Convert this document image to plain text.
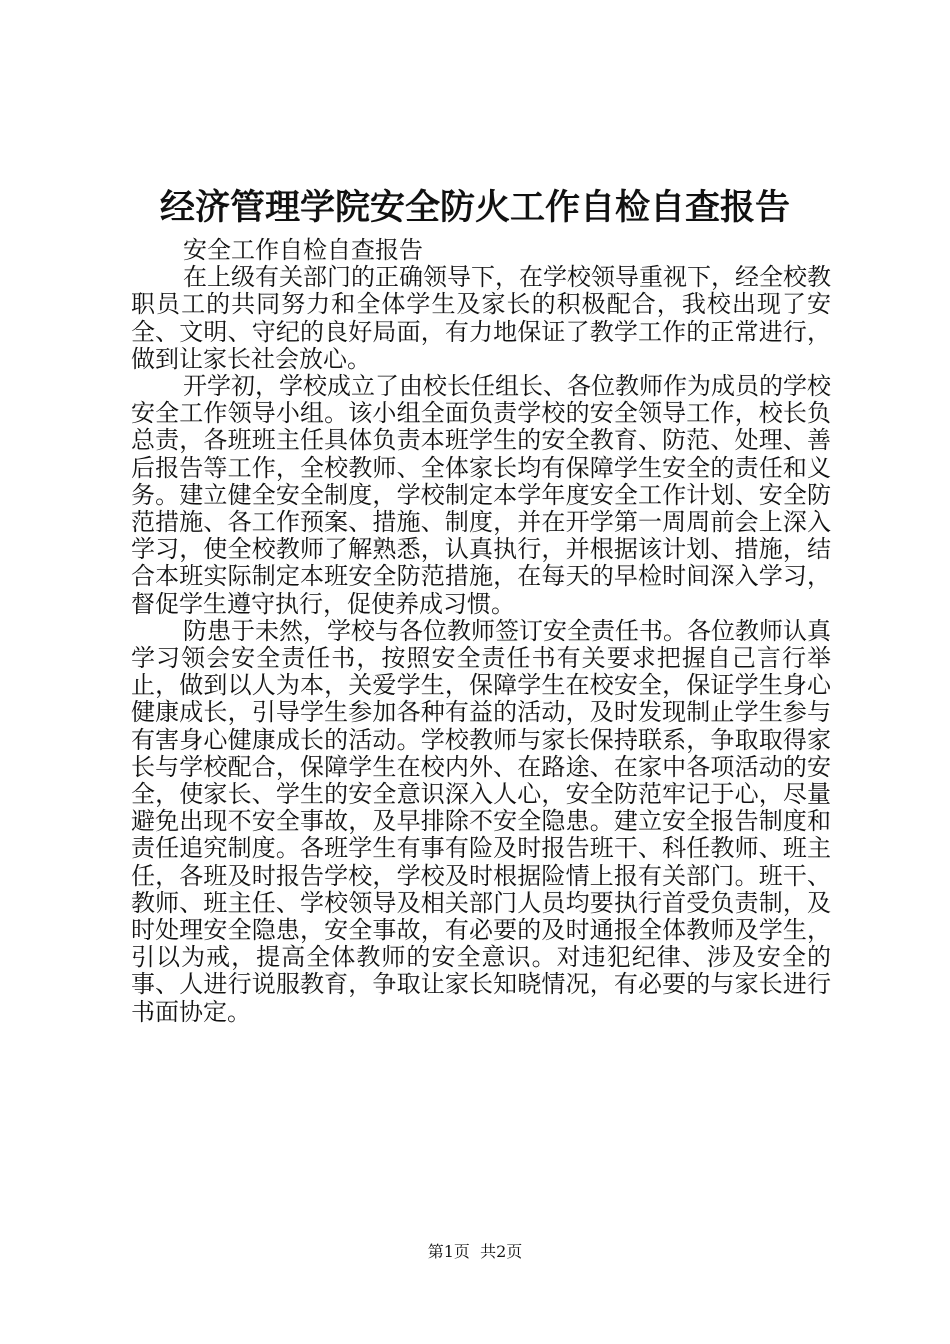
经济管理学院安全防火工作自检自查报告

安全工作自检自查报告

在上级有关部门的正确领导下，在学校领导重视下，经全校教职员工的共同努力和全体学生及家长的积极配合，我校出现了安全、文明、守纪的良好局面，有力地保证了教学工作的正常进行，做到让家长社会放心。

开学初，学校成立了由校长任组长、各位教师作为成员的学校安全工作领导小组。该小组全面负责学校的安全领导工作，校长负总责，各班班主任具体负责本班学生的安全教育、防范、处理、善后报告等工作，全校教师、全体家长均有保障学生安全的责任和义务。建立健全安全制度，学校制定本学年度安全工作计划、安全防范措施、各工作预案、措施、制度，并在开学第一周周前会上深入学习，使全校教师了解熟悉，认真执行，并根据该计划、措施，结合本班实际制定本班安全防范措施，在每天的早检时间深入学习，督促学生遵守执行，促使养成习惯。

防患于未然，学校与各位教师签订安全责任书。各位教师认真学习领会安全责任书，按照安全责任书有关要求把握自己言行举止，做到以人为本，关爱学生，保障学生在校安全，保证学生身心健康成长，引导学生参加各种有益的活动，及时发现制止学生参与有害身心健康成长的活动。学校教师与家长保持联系，争取取得家长与学校配合，保障学生在校内外、在路途、在家中各项活动的安全，使家长、学生的安全意识深入人心，安全防范牢记于心，尽量避免出现不安全事故，及早排除不安全隐患。建立安全报告制度和责任追究制度。各班学生有事有险及时报告班干、科任教师、班主任，各班及时报告学校，学校及时根据险情上报有关部门。班干、教师、班主任、学校领导及相关部门人员均要执行首受负责制，及时处理安全隐患，安全事故，有必要的及时通报全体教师及学生，引以为戒，提高全体教师的安全意识。对违犯纪律、涉及安全的事、人进行说服教育，争取让家长知晓情况，有必要的与家长进行书面协定。

第1页 共2页
